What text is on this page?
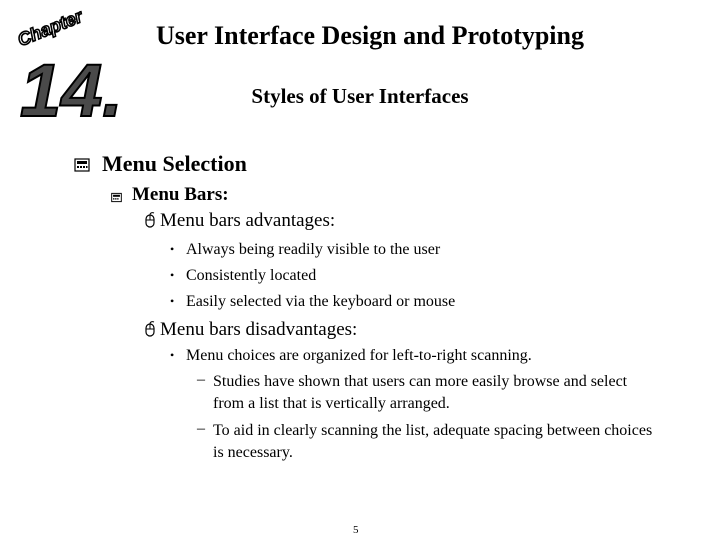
14.
Chapter	User Interface Design and Prototyping
Styles of User Interfaces
Menu Selection
Menu Bars:
Menu bars advantages:
• Always being readily visible to the user
• Consistently located
• Easily selected via the keyboard or mouse
Menu bars disadvantages:
• Menu choices are organized for left-to-right scanning.
– Studies have shown that users can more easily browse and select from a list that is vertically arranged.
– To aid in clearly scanning the list, adequate spacing between choices is necessary.
5
